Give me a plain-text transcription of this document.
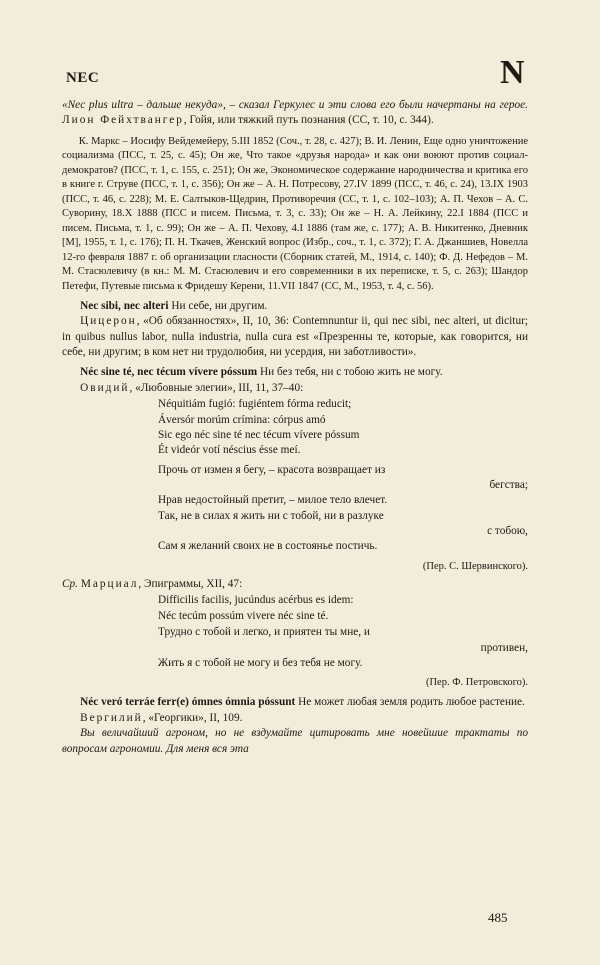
NEC	N

«Nec plus ultra – дальше некуда», – сказал Геркулес и эти слова его были начертаны на герое. Лион Фейхтвангер, Гойя, или тяжкий путь познания (СС, т. 10, с. 344).

К. Маркс – Иосифу Вейдемейеру, 5.III 1852 (Соч., т. 28, с. 427); В. И. Ленин, Еще одно уничтожение социализма (ПСС, т. 25, с. 45); Он же, Что такое «друзья народа» и как они воюют против социал-демократов? (ПСС, т. 1, с. 155, с. 251); Он же, Экономическое содержание народничества и критика его в книге г. Струве (ПСС, т. 1, с. 356); Он же – А. Н. Потресову, 27.IV 1899 (ПСС, т. 46, с. 24), 13.IX 1903 (ПСС, т. 46, с. 228); М. Е. Салтыков-Щедрин, Противоречия (СС, т. 1, с. 102–103); А. П. Чехов – А. С. Суворину, 18.X 1888 (ПСС и писем. Письма, т. 3, с. 33); Он же – Н. А. Лейкину, 22.I 1884 (ПСС и писем. Письма, т. 1, с. 99); Он же – А. П. Чехову, 4.I 1886 (там же, с. 177); А. В. Никитенко, Дневник [M], 1955, т. 1, с. 176); П. Н. Ткачев, Женский вопрос (Избр., соч., т. 1, с. 372); Г. А. Джаншиев, Новелла 12-го февраля 1887 г. об организации гласности (Сборник статей, М., 1914, с. 140); Ф. Д. Нефедов – М. М. Стасюлевичу (в кн.: М. М. Стасюлевич и его современники в их переписке, т. 5, с. 263); Шандор Петефи, Путевые письма к Фридешу Керени, 11.VII 1847 (СС, М., 1953, т. 4, с. 56).

Nec sibi, nec alteri Ни себе, ни другим.

Цицерон, «Об обязанностях», II, 10, 36: Contemnuntur ii, qui nec sibi, nec alteri, ut dicitur; in quibus nullus labor, nulla industria, nulla cura est «Презренны те, которые, как говорится, ни себе, ни другим; в ком нет ни трудолюбия, ни усердия, ни заботливости».

Néc sine té, nec técum vívere póssum Ни без тебя, ни с тобою жить не могу.

Овидий, «Любовные элегии», III, 11, 37–40:

Néquitiám fugió: fugiéntem fórma reducit;
Áversór morúm crímina: córpus amó
Sic ego néc sine té nec técum vívere póssum
Ét videór votí néscius ésse meí.
Прочь от измен я бегу, – красота возвращает из
бегства;
Нрав недостойный претит, – милое тело влечет.
Так, не в силах я жить ни с тобой, ни в разлуке
с тобою,
Сам я желаний своих не в состоянье постичь.

(Пер. С. Шервинского).

Ср. Марциал, Эпиграммы, XII, 47:

Difficilis facilis, jucúndus acérbus es idem:
Néc tecúm possúm vivere néc sine té.
Трудно с тобой и легко, и приятен ты мне, и
противен,
Жить я с тобой не могу и без тебя не могу.

(Пер. Ф. Петровского).

Néc veró terráe ferr(e) ómnes ómnia póssunt Не может любая земля родить любое растение.

Вергилий, «Георгики», II, 109.

Вы величайший агроном, но не вздумайте цитировать мне новейшие трактаты по вопросам агрономии. Для меня вся эта

485
